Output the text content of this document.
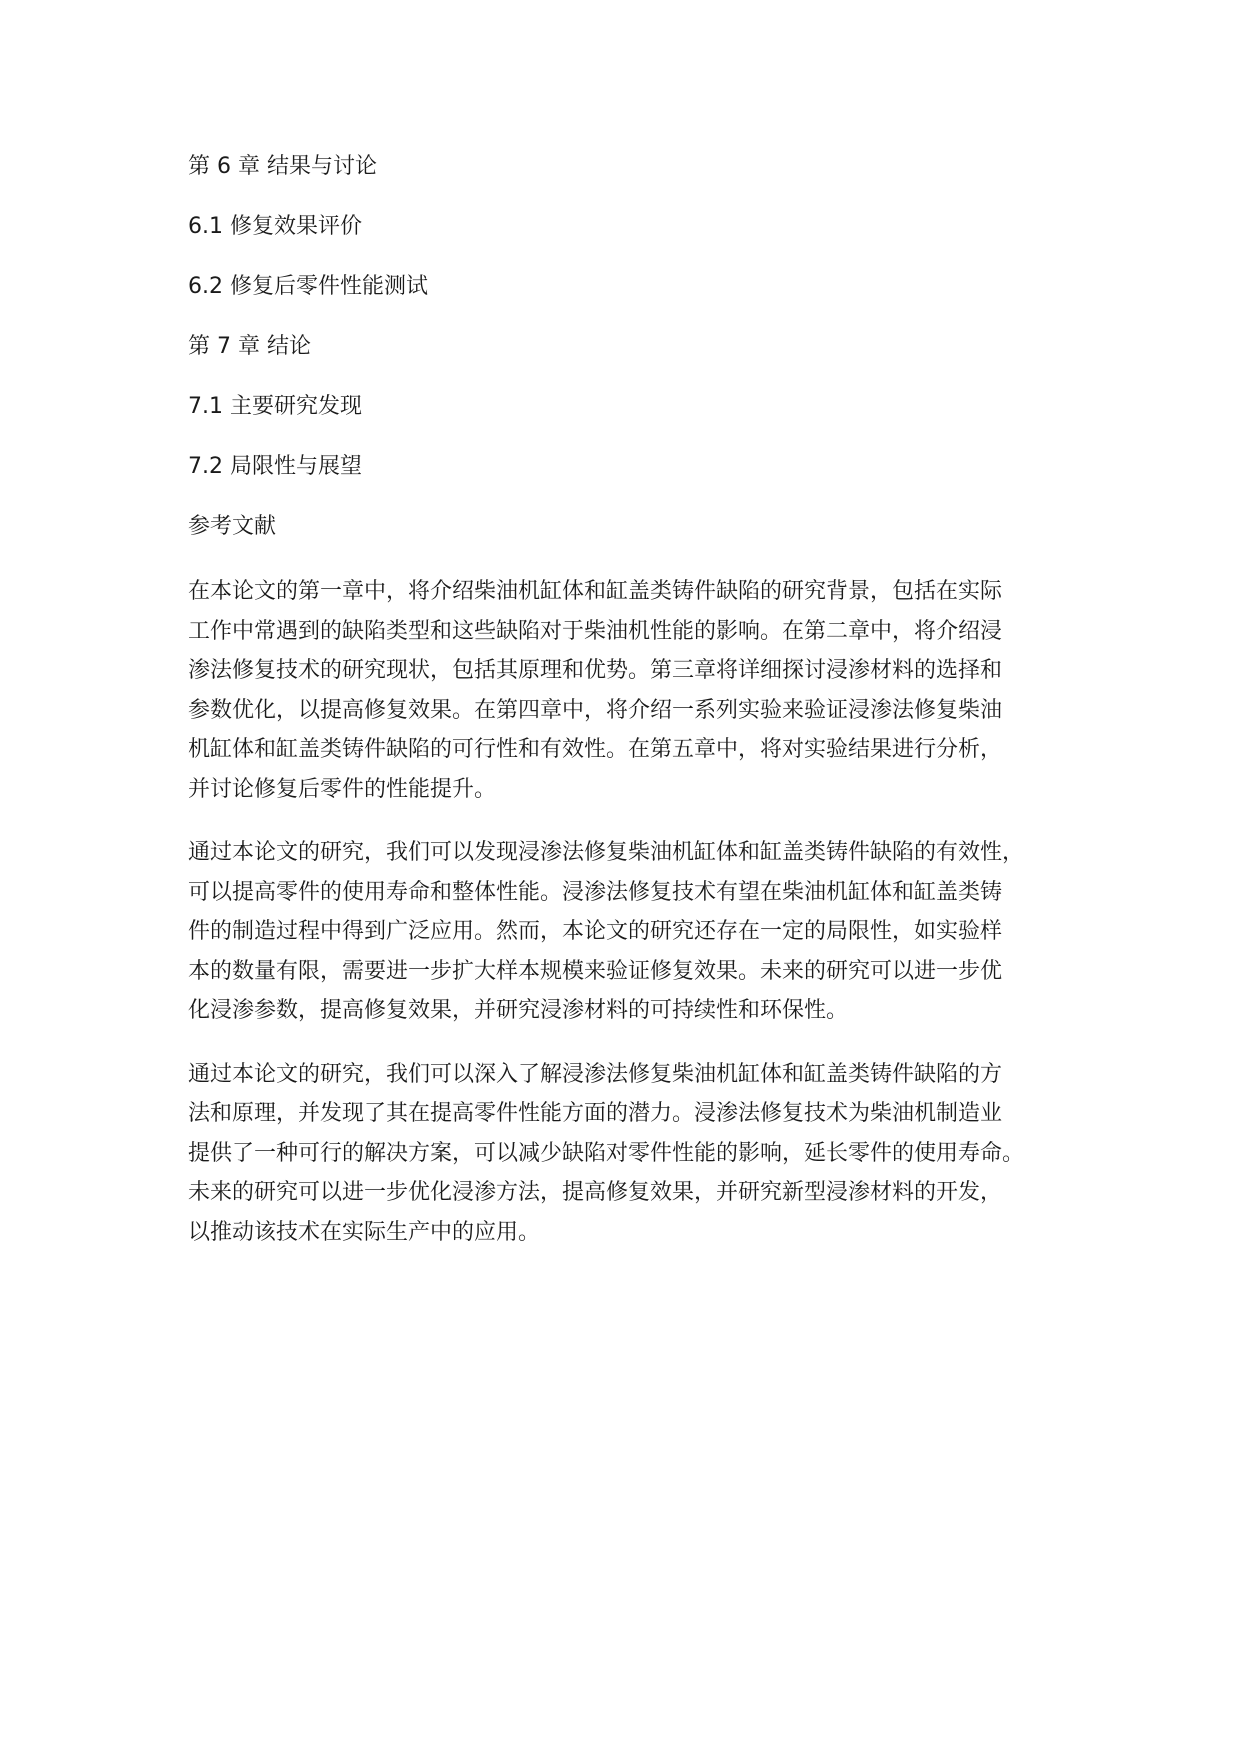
第 6 章 结果与讨论
6.1 修复效果评价
6.2 修复后零件性能测试
第 7 章 结论
7.1 主要研究发现
7.2 局限性与展望
参考文献
在本论文的第一章中，将介绍柴油机缸体和缸盖类铸件缺陷的研究背景，包括在实际
工作中常遇到的缺陷类型和这些缺陷对于柴油机性能的影响。在第二章中，将介绍浸
渗法修复技术的研究现状，包括其原理和优势。第三章将详细探讨浸渗材料的选择和
参数优化，以提高修复效果。在第四章中，将介绍一系列实验来验证浸渗法修复柴油
机缸体和缸盖类铸件缺陷的可行性和有效性。在第五章中，将对实验结果进行分析，
并讨论修复后零件的性能提升。
通过本论文的研究，我们可以发现浸渗法修复柴油机缸体和缸盖类铸件缺陷的有效性，
可以提高零件的使用寿命和整体性能。浸渗法修复技术有望在柴油机缸体和缸盖类铸
件的制造过程中得到广泛应用。然而，本论文的研究还存在一定的局限性，如实验样
本的数量有限，需要进一步扩大样本规模来验证修复效果。未来的研究可以进一步优
化浸渗参数，提高修复效果，并研究浸渗材料的可持续性和环保性。
通过本论文的研究，我们可以深入了解浸渗法修复柴油机缸体和缸盖类铸件缺陷的方
法和原理，并发现了其在提高零件性能方面的潜力。浸渗法修复技术为柴油机制造业
提供了一种可行的解决方案，可以减少缺陷对零件性能的影响，延长零件的使用寿命。
未来的研究可以进一步优化浸渗方法，提高修复效果，并研究新型浸渗材料的开发，
以推动该技术在实际生产中的应用。
